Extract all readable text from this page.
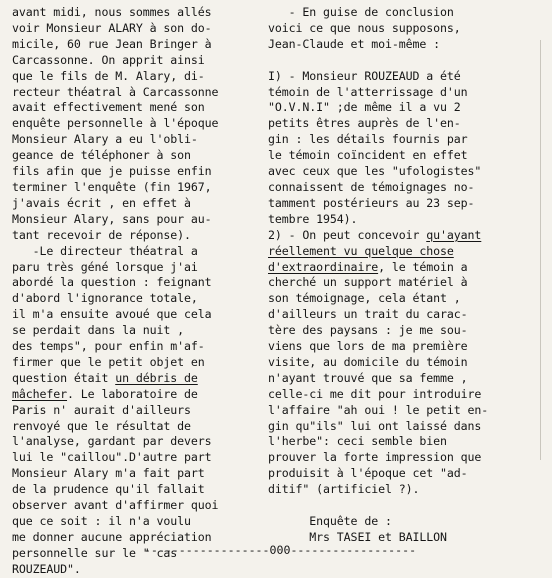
avant midi, nous sommes allés
voir Monsieur ALARY à son do-
micile, 60 rue Jean Bringer à
Carcassonne. On apprit ainsi
que le fils de M. Alary, di-
recteur théatral à Carcassonne
avait effectivement mené son
enquête personnelle à l'époque
Monsieur Alary a eu l'obli-
geance de téléphoner à son
fils afin que je puisse enfin
terminer l'enquête (fin 1967,
j'avais écrit , en effet à
Monsieur Alary, sans pour au-
tant recevoir de réponse).
-Le directeur théatral a
paru très géné lorsque j'ai
abordé la question : feignant
d'abord l'ignorance totale,
il m'a ensuite avoué que cela
se perdait dans la nuit ,
des temps", pour enfin m'af-
firmer que le petit objet en
question était un débris de
mâchefer. Le laboratoire de
Paris n' aurait d'ailleurs
renvoyé que le résultat de
l'analyse, gardant par devers
lui le "caillou".D'autre part
Monsieur Alary m'a fait part
de la prudence qu'il fallait
observer avant d'affirmer quoi
que ce soit : il n'a voulu
me donner aucune appréciation
personnelle sur le " cas
ROUZEAUD".
- En guise de conclusion
voici ce que nous supposons,
Jean-Claude et moi-même :
I) - Monsieur ROUZEAUD a été
témoin de l'atterrissage d'un
"O.V.N.I" ;de même il a vu 2
petits êtres auprès de l'en-
gin : les détails fournis par
le témoin coïncident en effet
avec ceux que les "ufologistes"
connaissent de témoignages no-
tamment postérieurs au 23 sep-
tembre 1954).
2) - On peut concevoir qu'ayant
réellement vu quelque chose
d'extraordinaire, le témoin a
cherché un support matériel à
son témoignage, cela étant ,
d'ailleurs un trait du carac-
tère des paysans : je me sou-
viens que lors de ma première
visite, au domicile du témoin
n'ayant trouvé que sa femme ,
celle-ci me dit pour introduire
l'affaire "ah oui ! le petit en-
gin qu"ils" lui ont laissé dans
l'herbe": ceci semble bien
prouver la forte impression que
produisit à l'époque cet "ad-
ditif" (artificiel ?).
Enquête de :
Mrs TASEI et BAILLON
------------------000------------------
